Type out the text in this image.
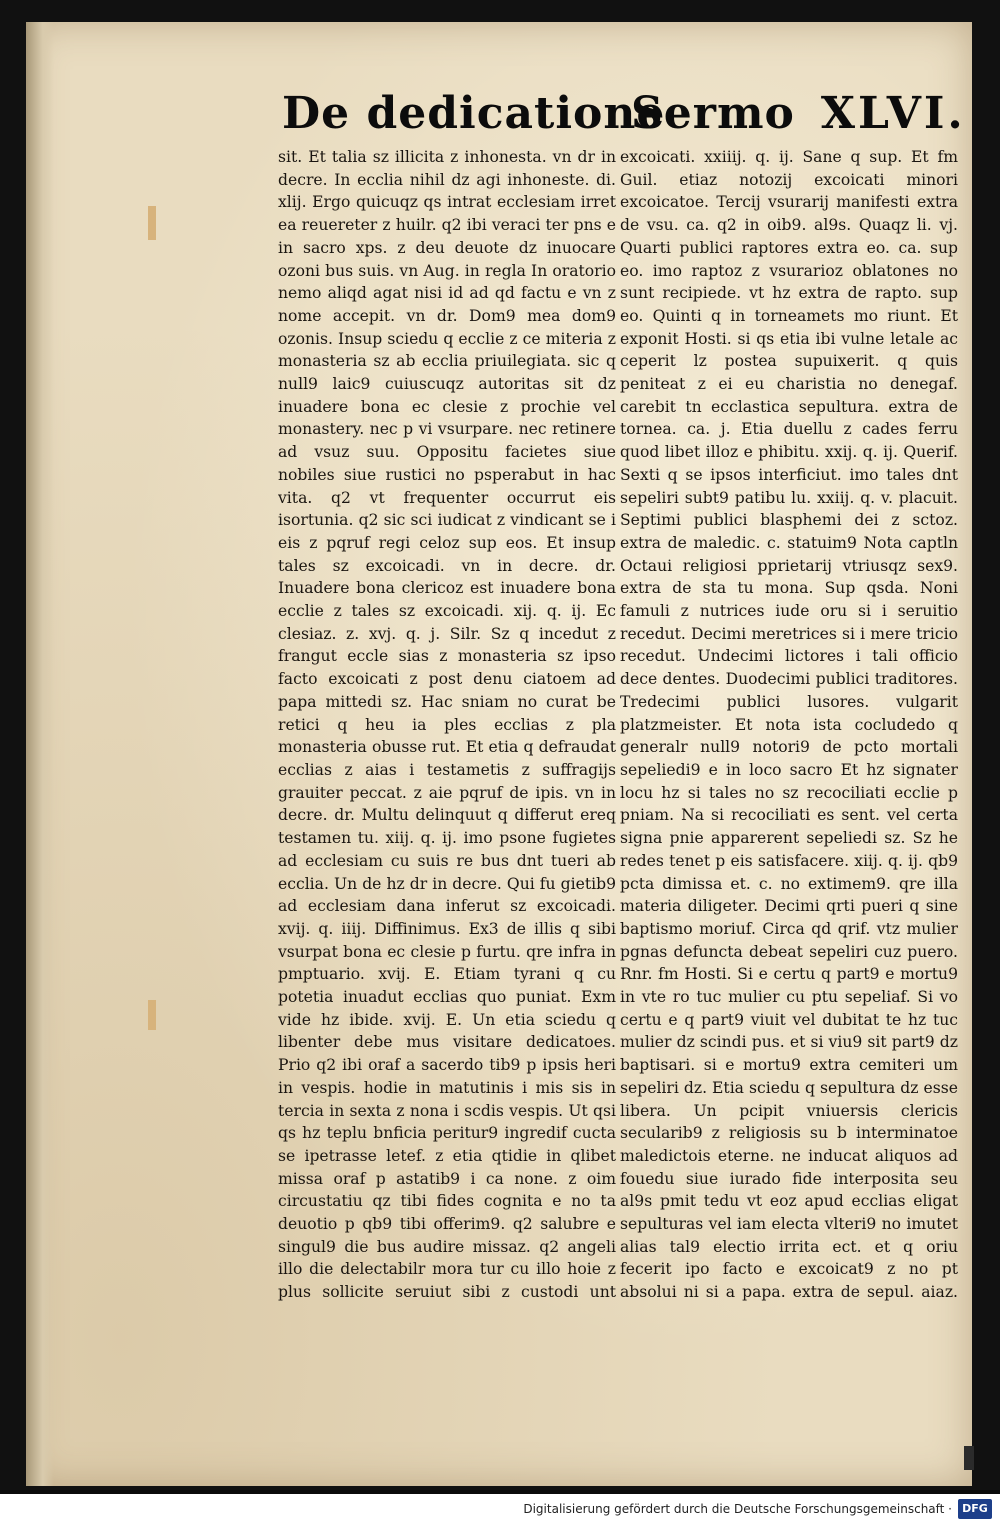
De dedicatione
Sermo XLVI.

sit. Et talia sz illicita z inhonesta. vn dr in decre. In ecclia nihil dz agi inhoneste. di. xlij. Ergo quicuqz qs intrat ecclesiam irret ea reuereter z huilr. q2 ibi veraci ter pns e in sacro xps. z deu deuote dz inuocare ozoni bus suis. vn Aug. in regla In oratorio nemo aliqd agat nisi id ad qd factu e vn z nome accepit. vn dr. Dom9 mea dom9 ozonis. Insup sciedu q ecclie z ce miteria z monasteria sz ab ecclia priuilegiata. sic q null9 laic9 cuiuscuqz autoritas sit dz inuadere bona ec clesie z prochie vel monastery. nec p vi vsurpare. nec retinere ad vsuz suu. Oppositu facietes siue nobiles siue rustici no psperabut in hac vita. q2 vt frequenter occurrut eis isortunia. q2 sic sci iudicat z vindicant se i eis z pqruf regi celoz sup eos. Et insup tales sz excoicadi. vn in decre. dr. Inuadere bona clericoz est inuadere bona ecclie z tales sz excoicadi. xij. q. ij. Ec clesiaz. z. xvj. q. j. Silr. Sz q incedut z frangut eccle sias z monasteria sz ipso facto excoicati z post denu ciatoem ad papa mittedi sz. Hac sniam no curat be retici q heu ia ples ecclias z pla monasteria obusse rut. Et etia q defraudat ecclias z aias i testametis z suffragijs grauiter peccat. z aie pqruf de ipis. vn in decre. dr. Multu delinquut q differut ereq testamen tu. xiij. q. ij. imo psone fugietes ad ecclesiam cu suis re bus dnt tueri ab ecclia. Un de hz dr in decre. Qui fu gietib9 ad ecclesiam dana inferut sz excoicadi. xvij. q. iiij. Diffinimus. Ex3 de illis q sibi vsurpat bona ec clesie p furtu. qre infra in pmptuario. xvij. E. Etiam tyrani q cu potetia inuadut ecclias quo puniat. Exm vide hz ibide. xvij. E. Un etia sciedu q libenter debe mus visitare dedicatoes. Prio q2 ibi oraf a sacerdo tib9 p ipsis heri in vespis. hodie in matutinis i mis sis in tercia in sexta z nona i scdis vespis. Ut qsi qs hz teplu bnficia peritur9 ingredif cucta se ipetrasse letef. z etia qtidie in qlibet missa oraf p astatib9 i ca none. z oim circustatiu qz tibi fides cognita e no ta deuotio p qb9 tibi offerim9. q2 salubre e singul9 die bus audire missaz. q2 angeli illo die delectabilr mora tur cu illo hoie z plus sollicite seruiut sibi z custodi unt

excoicati. xxiiij. q. ij. Sane q sup. Et fm Guil. etiaz notozij excoicati minori excoicatoe. Tercij vsurarij manifesti extra de vsu. ca. q2 in oib9. al9s. Quaqz li. vj. Quarti publici raptores extra eo. ca. sup eo. imo raptoz z vsurarioz oblatones no sunt recipiede. vt hz extra de rapto. sup eo. Quinti q in torneamets mo riunt. Et exponit Hosti. si qs etia ibi vulne letale ac ceperit lz postea supuixerit. q quis peniteat z ei eu charistia no denegaf. carebit tn ecclastica sepultura. extra de tornea. ca. j. Etia duellu z cades ferru quod libet illoz e phibitu. xxij. q. ij. Querif. Sexti q se ipsos interficiut. imo tales dnt sepeliri subt9 patibu lu. xxiij. q. v. placuit. Septimi publici blasphemi dei z sctoz. extra de maledic. c. statuim9 Nota captln Octaui religiosi pprietarij vtriusqz sex9. extra de sta tu mona. Sup qsda. Noni famuli z nutrices iude oru si i seruitio recedut. Decimi meretrices si i mere tricio recedut. Undecimi lictores i tali officio dece dentes. Duodecimi publici traditores. Tredecimi publici lusores. vulgarit platzmeister. Et nota ista cocludedo q generalr null9 notori9 de pcto mortali sepeliedi9 e in loco sacro Et hz signater locu hz si tales no sz recociliati ecclie p pniam. Na si recociliati es sent. vel certa signa pnie apparerent sepeliedi sz. Sz he redes tenet p eis satisfacere. xiij. q. ij. qb9 pcta dimissa et. c. no extimem9. qre illa materia diligeter. Decimi qrti pueri q sine baptismo moriuf. Circa qd qrif. vtz mulier pgnas defuncta debeat sepeliri cuz puero. Rnr. fm Hosti. Si e certu q part9 e mortu9 in vte ro tuc mulier cu ptu sepeliaf. Si vo certu e q part9 viuit vel dubitat te hz tuc mulier dz scindi pus. et si viu9 sit part9 dz baptisari. si e mortu9 extra cemiteri um sepeliri dz. Etia sciedu q sepultura dz esse libera. Un pcipit vniuersis clericis secularib9 z religiosis su b interminatoe maledictois eterne. ne inducat aliquos ad fouedu siue iurado fide interposita seu al9s pmit tedu vt eoz apud ecclias eligat sepulturas vel iam electa vlteri9 no imutet alias tal9 electio irrita ect. et q oriu fecerit ipo facto e excoicat9 z no pt absolui ni si a papa. extra de sepul. aiaz.

Digitalisierung gefördert durch die Deutsche Forschungsgemeinschaft · DFG
